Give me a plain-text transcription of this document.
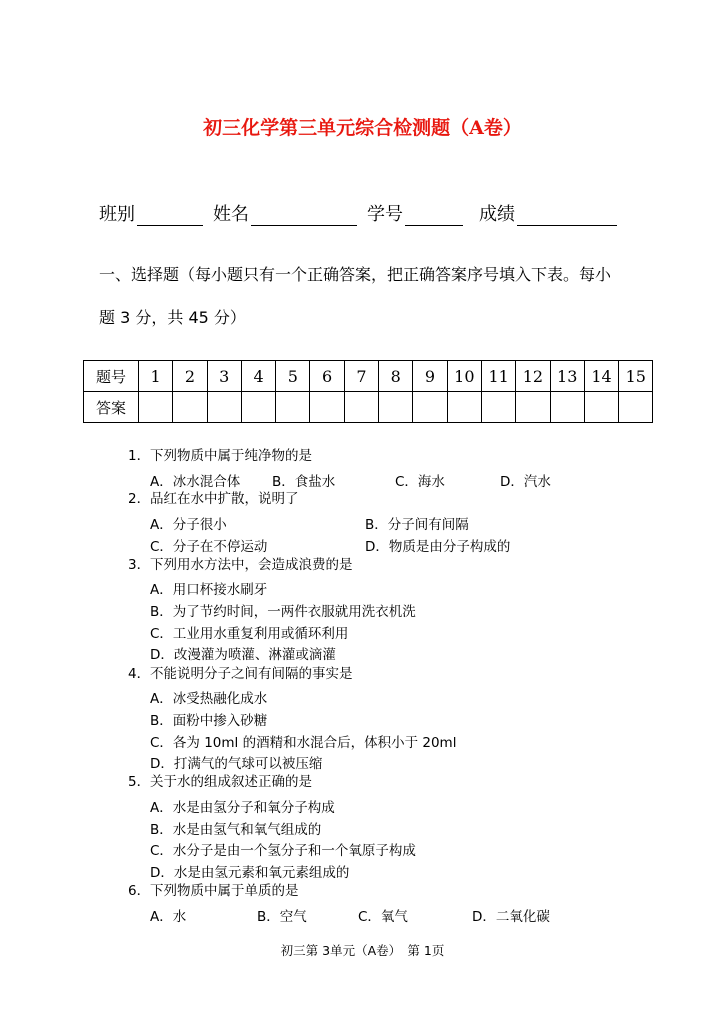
初三化学第三单元综合检测题（A卷）
班别	姓名	学号	成绩
一、选择题（每小题只有一个正确答案，把正确答案序号填入下表。每小
题 3 分，共 45 分）
题号	1	2	3	4	5	6	7	8	9	10	11	12	13	14	15
答案															
1．下列物质中属于纯净物的是
A．冰水混合体 B．食盐水	C．海水	D．汽水
2．品红在水中扩散，说明了
A．分子很小	B．分子间有间隔
C．分子在不停运动	D．物质是由分子构成的
3．下列用水方法中，会造成浪费的是
A．用口杯接水刷牙
B．为了节约时间，一两件衣服就用洗衣机洗
C．工业用水重复利用或循环利用
D．改漫灌为喷灌、淋灌或滴灌
4．不能说明分子之间有间隔的事实是
A．冰受热融化成水
B．面粉中掺入砂糖
C．各为 10ml 的酒精和水混合后，体积小于 20ml
D．打满气的气球可以被压缩
5．关于水的组成叙述正确的是
A．水是由氢分子和氧分子构成
B．水是由氢气和氧气组成的
C．水分子是由一个氢分子和一个氧原子构成
D．水是由氢元素和氧元素组成的
6．下列物质中属于单质的是
A．水	B．空气	C．氧气	D．二氧化碳
初三第 3单元（A卷）　第 1页
